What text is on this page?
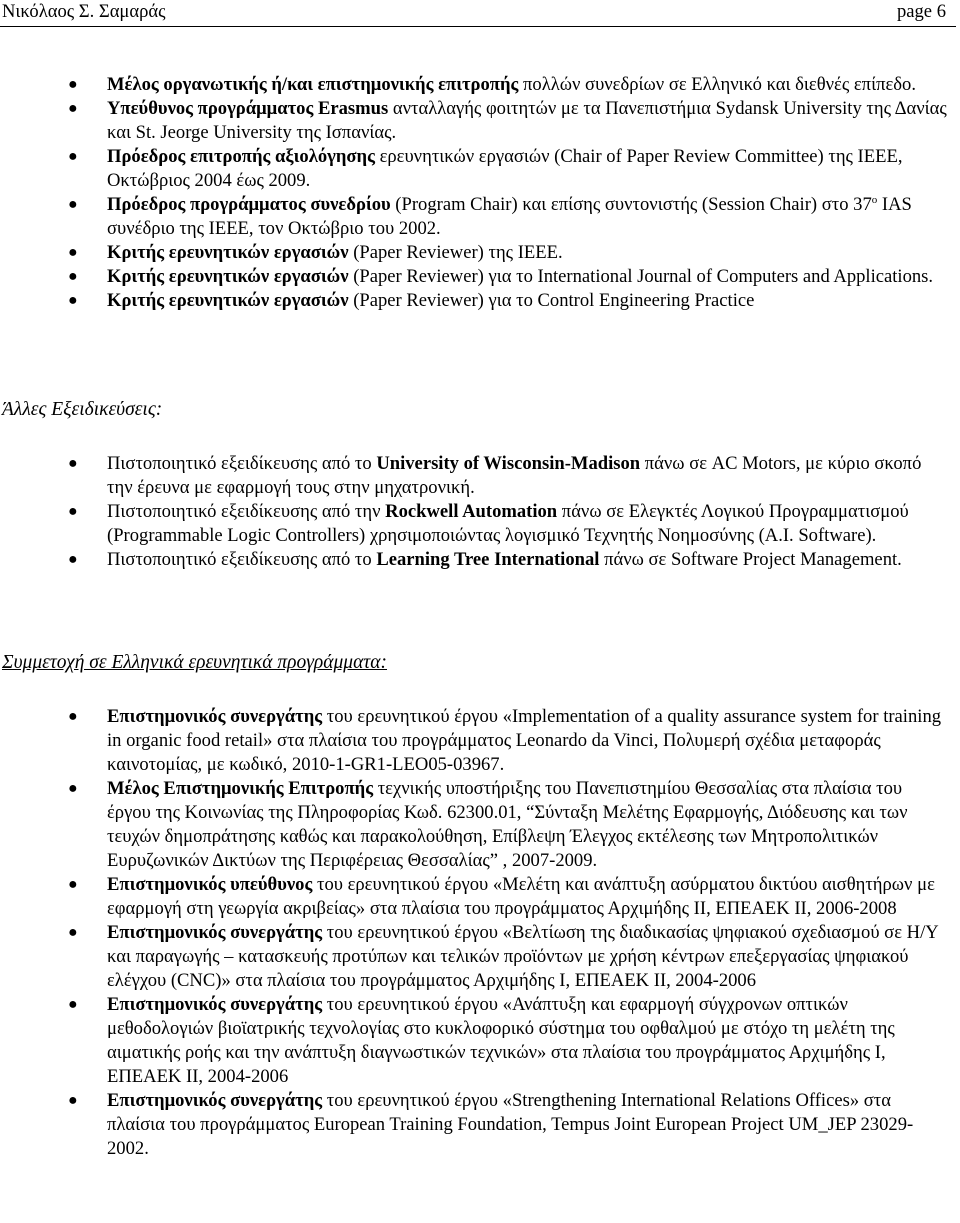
Νικόλαος Σ. Σαμαράς	page 6
● Μέλος οργανωτικής ή/και επιστημονικής επιτροπής πολλών συνεδρίων σε Ελληνικό και διεθνές επίπεδο.
● Υπεύθυνος προγράμματος Erasmus ανταλλαγής φοιτητών με τα Πανεπιστήμια Sydansk University της Δανίας και St. Jeorge University της Ισπανίας.
● Πρόεδρος επιτροπής αξιολόγησης ερευνητικών εργασιών (Chair of Paper Review Committee) της IEEE, Οκτώβριος 2004 έως 2009.
● Πρόεδρος προγράμματος συνεδρίου (Program Chair) και επίσης συντονιστής (Session Chair) στο $37^o$ IAS συνέδριο της IEEE, τον Οκτώβριο του 2002.
● Κριτής ερευνητικών εργασιών (Paper Reviewer) της IEEE.
● Κριτής ερευνητικών εργασιών (Paper Reviewer) για το International Journal of Computers and Applications.
● Κριτής ερευνητικών εργασιών (Paper Reviewer) για το Control Engineering Practice
Άλλες Εξειδικεύσεις:
● Πιστοποιητικό εξειδίκευσης από το University of Wisconsin-Madison πάνω σε AC Motors, με κύριο σκοπό την έρευνα με εφαρμογή τους στην μηχατρονική.
● Πιστοποιητικό εξειδίκευσης από την Rockwell Automation πάνω σε Ελεγκτές Λογικού Προγραμματισμού (Programmable Logic Controllers) χρησιμοποιώντας λογισμικό Τεχνητής Νοημοσύνης (A.I. Software).
● Πιστοποιητικό εξειδίκευσης από το Learning Tree International πάνω σε Software Project Management.
Συμμετοχή σε Ελληνικά ερευνητικά προγράμματα:
● Επιστημονικός συνεργάτης του ερευνητικού έργου «Implementation of a quality assurance system for training in organic food retail» στα πλαίσια του προγράμματος Leonardo da Vinci, Πολυμερή σχέδια μεταφοράς καινοτομίας, με κωδικό, 2010-1-GR1-LEO05-03967.
● Μέλος Επιστημονικής Επιτροπής τεχνικής υποστήριξης του Πανεπιστημίου Θεσσαλίας στα πλαίσια του έργου της Κοινωνίας της Πληροφορίας Κωδ. 62300.01, “Σύνταξη Μελέτης Εφαρμογής, Διόδευσης και των τευχών δημοπράτησης καθώς και παρακολούθηση, Επίβλεψη Έλεγχος εκτέλεσης των Μητροπολιτικών Ευρυζωνικών Δικτύων της Περιφέρειας Θεσσαλίας” , 2007-2009.
● Επιστημονικός υπεύθυνος του ερευνητικού έργου «Μελέτη και ανάπτυξη ασύρματου δικτύου αισθητήρων με εφαρμογή στη γεωργία ακριβείας» στα πλαίσια του προγράμματος Αρχιμήδης ΙΙ, ΕΠΕΑΕΚ ΙΙ, 2006-2008
● Επιστημονικός συνεργάτης του ερευνητικού έργου «Βελτίωση της διαδικασίας ψηφιακού σχεδιασμού σε Η/Υ και παραγωγής – κατασκευής προτύπων και τελικών προϊόντων με χρήση κέντρων επεξεργασίας ψηφιακού ελέγχου (CNC)» στα πλαίσια του προγράμματος Αρχιμήδης Ι, ΕΠΕΑΕΚ ΙΙ, 2004-2006
● Επιστημονικός συνεργάτης του ερευνητικού έργου «Ανάπτυξη και εφαρμογή σύγχρονων οπτικών μεθοδολογιών βιοϊατρικής τεχνολογίας στο κυκλοφορικό σύστημα του οφθαλμού με στόχο τη μελέτη της αιματικής ροής και την ανάπτυξη διαγνωστικών τεχνικών» στα πλαίσια του προγράμματος Αρχιμήδης Ι, ΕΠΕΑΕΚ ΙΙ, 2004-2006
● Επιστημονικός συνεργάτης του ερευνητικού έργου «Strengthening International Relations Offices» στα πλαίσια του προγράμματος European Training Foundation, Tempus Joint European Project UM_JEP 23029-2002.
